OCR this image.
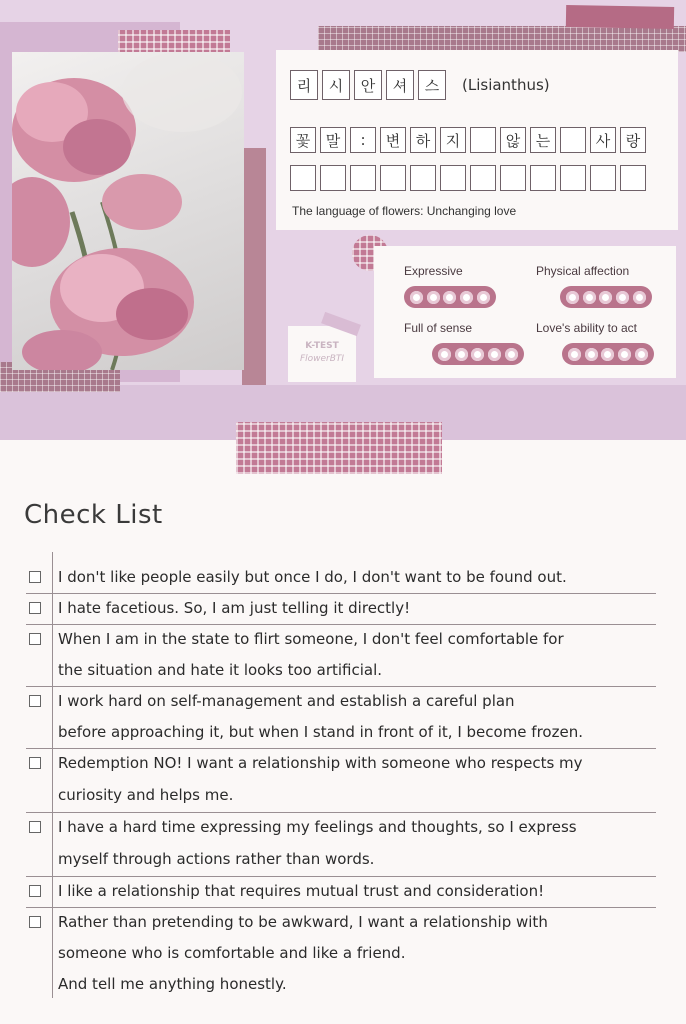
리	시	안	셔	스	(Lisianthus)
꽃	말	:	변	하	지	않	는	사	랑
The language of flowers: Unchanging love
Expressive	Physical affection
Full of sense	Love's ability to act
K-TEST
FlowerBTI
Check List
I don't like people easily but once I do, I don't want to be found out.
I hate facetious. So, I am just telling it directly!
When I am in the state to flirt someone, I don't feel comfortable for
the situation and hate it looks too artificial.
I work hard on self-management and establish a careful plan
before approaching it, but when I stand in front of it, I become frozen.
Redemption NO! I want a relationship with someone who respects my
curiosity and helps me.
I have a hard time expressing my feelings and thoughts, so I express
myself through actions rather than words.
I like a relationship that requires mutual trust and consideration!
Rather than pretending to be awkward, I want a relationship with
someone who is comfortable and like a friend.
And tell me anything honestly.
